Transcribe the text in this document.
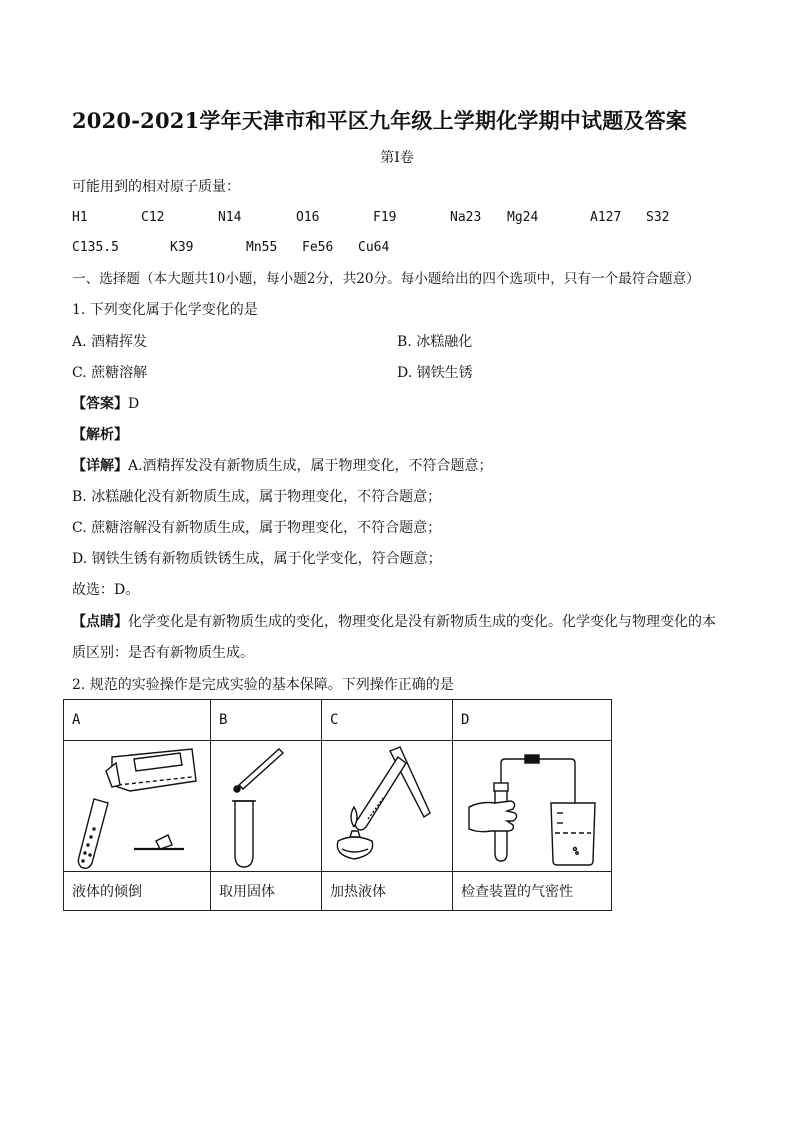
2020-2021学年天津市和平区九年级上学期化学期中试题及答案
第Ⅰ卷
可能用到的相对原子质量：
H1	C12	N14	O16	F19	Na23 Mg24	A127 S32
C135.5	K39	Mn55 Fe56 Cu64
一、选择题（本大题共10小题，每小题2分，共20分。每小题给出的四个选项中，只有一个最符合题意）
1. 下列变化属于化学变化的是
A. 酒精挥发	B. 冰糕融化
C. 蔗糖溶解	D. 钢铁生锈
【答案】D
【解析】
【详解】A.酒精挥发没有新物质生成，属于物理变化，不符合题意；
B. 冰糕融化没有新物质生成，属于物理变化，不符合题意；
C. 蔗糖溶解没有新物质生成，属于物理变化，不符合题意；
D. 钢铁生锈有新物质铁锈生成，属于化学变化，符合题意；
故选：D。
【点睛】化学变化是有新物质生成的变化，物理变化是没有新物质生成的变化。化学变化与物理变化的本
质区别：是否有新物质生成。
2. 规范的实验操作是完成实验的基本保障。下列操作正确的是
A	B	C	D

液体的倾倒	取用固体	加热液体	检查装置的气密性
